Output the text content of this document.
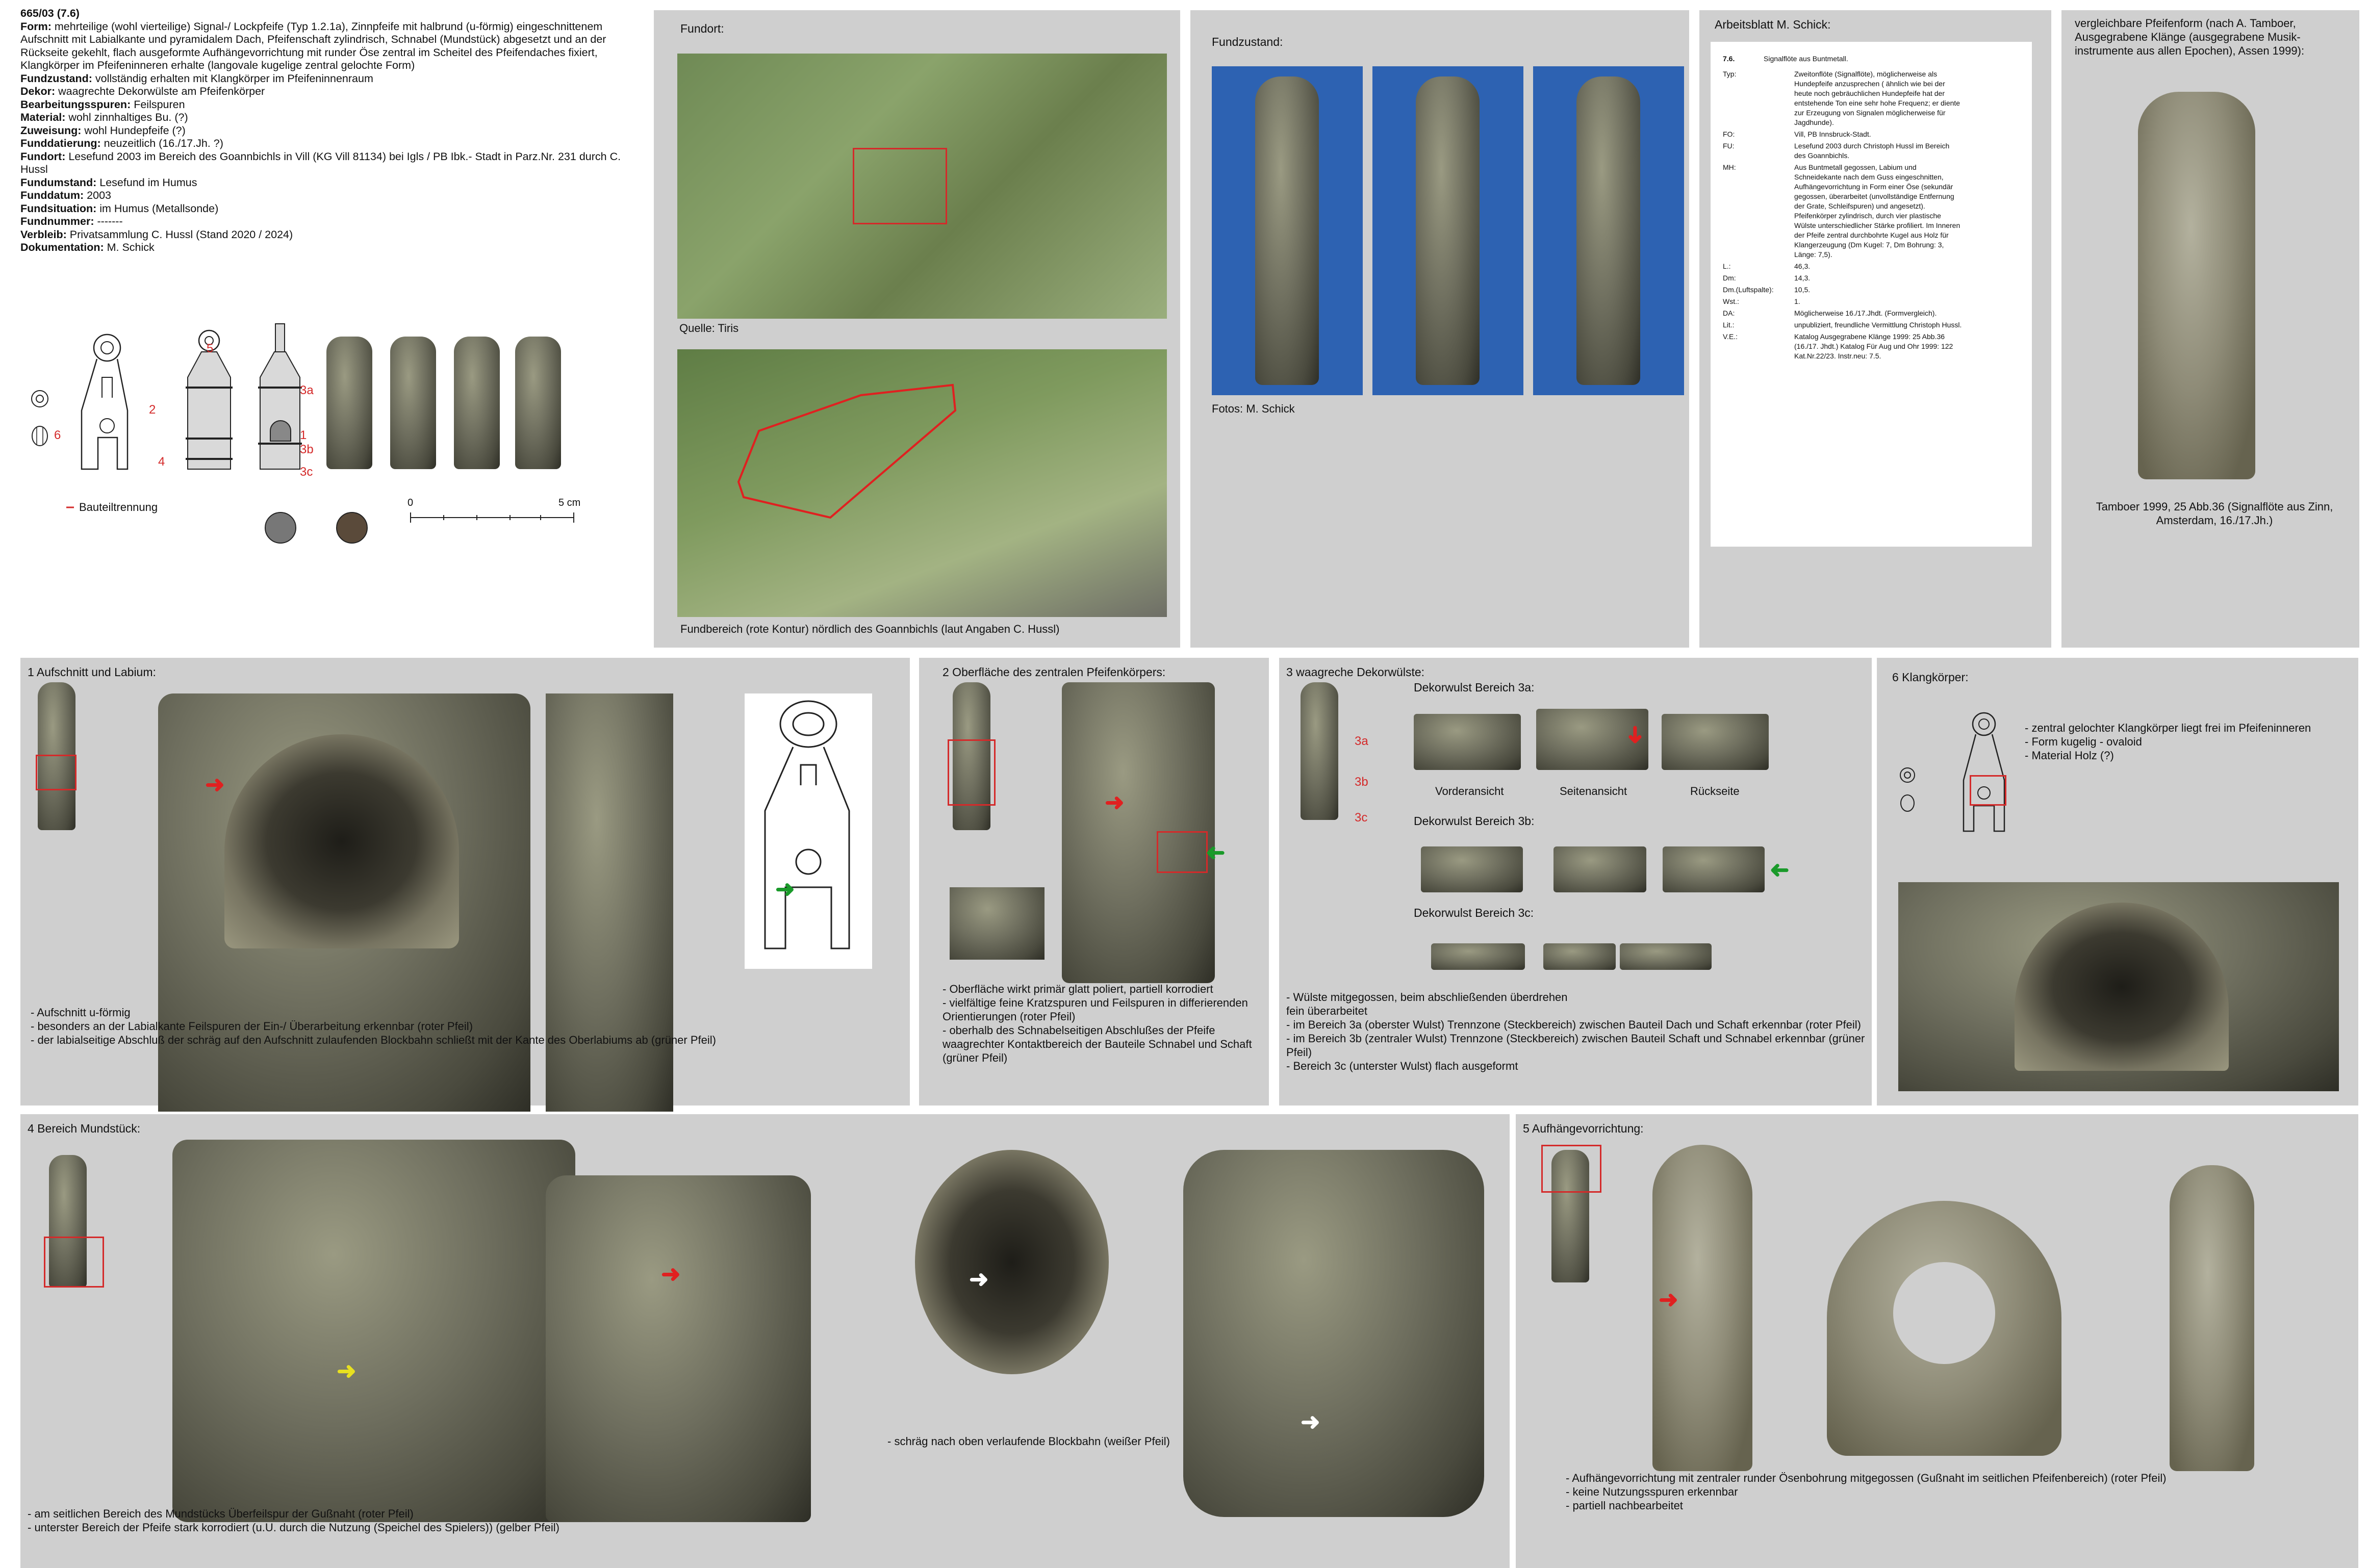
665/03 (7.6)
Form: mehrteilige (wohl vierteilige) Signal-/ Lockpfeife (Typ 1.2.1a), Zinnpfeife mit halbrund (u-förmig) eingeschnittenem Aufschnitt mit Labialkante und pyramidalem Dach, Pfeifenschaft zylindrisch, Schnabel (Mundstück) abgesetzt und an der Rückseite gekehlt, flach ausgeformte Aufhängevorrichtung mit runder Öse zentral im Scheitel des Pfeifendaches fixiert, Klangkörper im Pfeifeninneren erhalte (langovale kugelige zentral gelochte Form)
Fundzustand: vollständig erhalten mit Klangkörper im Pfeifeninnenraum
Dekor: waagrechte Dekorwülste am Pfeifenkörper
Bearbeitungsspuren: Feilspuren
Material: wohl zinnhaltiges Bu. (?)
Zuweisung: wohl Hundepfeife (?)
Funddatierung: neuzeitlich (16./17.Jh. ?)
Fundort: Lesefund 2003 im Bereich des Goannbichls in Vill (KG Vill 81134) bei Igls / PB Ibk.- Stadt in Parz.Nr. 231 durch C. Hussl
Fundumstand: Lesefund im Humus
Funddatum: 2003
Fundsituation: im Humus (Metallsonde)
Fundnummer: -------
Verbleib: Privatsammlung C. Hussl (Stand 2020 / 2024)
Dokumentation: M. Schick
5
2
3a
6	1
3b
4
3c
Bauteiltrennung	0	5 cm
Fundort:
Quelle: Tiris
Fundbereich (rote Kontur) nördlich des Goannbichls (laut Angaben C. Hussl)
Fundzustand:
Fotos: M. Schick
Arbeitsblatt M. Schick:
7.6.	Signalflöte aus Buntmetall.
Typ:	Zweitonflöte (Signalflöte), möglicherweise als Hundepfeife anzusprechen ( ähnlich wie bei der heute noch gebräuchlichen Hundepfeife hat der entstehende Ton eine sehr hohe Frequenz; er diente zur Erzeugung von Signalen möglicherweise für Jagdhunde).
FO:	Vill, PB Innsbruck-Stadt.
FU:	Lesefund 2003 durch Christoph Hussl im Bereich des Goannbichls.
MH:	Aus Buntmetall gegossen, Labium und Schneidekante nach dem Guss eingeschnitten, Aufhängevorrichtung in Form einer Öse (sekundär gegossen, überarbeitet (unvollständige Entfernung der Grate, Schleifspuren) und angesetzt). Pfeifenkörper zylindrisch, durch vier plastische Wülste unterschiedlicher Stärke profiliert. Im Inneren der Pfeife zentral durchbohrte Kugel aus Holz für Klangerzeugung (Dm Kugel: 7, Dm Bohrung: 3, Länge: 7,5).
L.:	46,3.
Dm:	14,3.
Dm.(Luftspalte):	10,5.
Wst.:	1.
DA:	Möglicherweise 16./17.Jhdt. (Formvergleich).
Lit.:	unpubliziert, freundliche Vermittlung Christoph Hussl.
V.E.:	Katalog Ausgegrabene Klänge 1999: 25 Abb.36 (16./17. Jhdt.) Katalog Für Aug und Ohr 1999: 122 Kat.Nr.22/23. Instr.neu: 7.5.
vergleichbare Pfeifenform (nach A. Tamboer, Ausgegrabene Klänge (ausgegrabene Musik-instrumente aus allen Epochen), Assen 1999):
Tamboer 1999, 25 Abb.36 (Signalflöte aus Zinn, Amsterdam, 16./17.Jh.)
1 Aufschnitt und Labium:
➜
➜
- Aufschnitt u-förmig
- besonders an der Labialkante Feilspuren der Ein-/ Überarbeitung erkennbar (roter Pfeil)
- der labialseitige Abschluß der schräg auf den Aufschnitt zulaufenden Blockbahn schließt mit der Kante des Oberlabiums ab (grüner Pfeil)
2 Oberfläche des zentralen Pfeifenkörpers:
➜
➜
- Oberfläche wirkt primär glatt poliert, partiell korrodiert
- vielfältige feine Kratzspuren und Feilspuren in differierenden Orientierungen (roter Pfeil)
- oberhalb des Schnabelseitigen Abschlußes der Pfeife waagrechter Kontaktbereich der Bauteile Schnabel und Schaft (grüner Pfeil)
3 waagreche Dekorwülste:
3a
3b
3c
Dekorwulst Bereich 3a:
Vorderansicht	Seitenansicht	Rückseite
Dekorwulst Bereich 3b:
➜
➜
Dekorwulst Bereich 3c:
- Wülste mitgegossen, beim abschließenden überdrehen
fein überarbeitet
- im Bereich 3a (oberster Wulst) Trennzone (Steckbereich) zwischen Bauteil Dach und Schaft erkennbar (roter Pfeil)
- im Bereich 3b (zentraler Wulst) Trennzone (Steckbereich) zwischen Bauteil Schaft und Schnabel erkennbar (grüner Pfeil)
- Bereich 3c (unterster Wulst) flach ausgeformt
6 Klangkörper:
- zentral gelochter Klangkörper liegt frei im Pfeifeninneren
- Form kugelig - ovaloid
- Material Holz (?)
4 Bereich Mundstück:
➜
➜
➜
➜
- schräg nach oben verlaufende Blockbahn (weißer Pfeil)
- am seitlichen Bereich des Mundstücks Überfeilspur der Gußnaht (roter Pfeil)
- unterster Bereich der Pfeife stark korrodiert (u.U. durch die Nutzung (Speichel des Spielers)) (gelber Pfeil)
5 Aufhängevorrichtung:
➜
- Aufhängevorrichtung mit zentraler runder Ösenbohrung mitgegossen (Gußnaht im seitlichen Pfeifenbereich) (roter Pfeil)
- keine Nutzungsspuren erkennbar
- partiell nachbearbeitet
